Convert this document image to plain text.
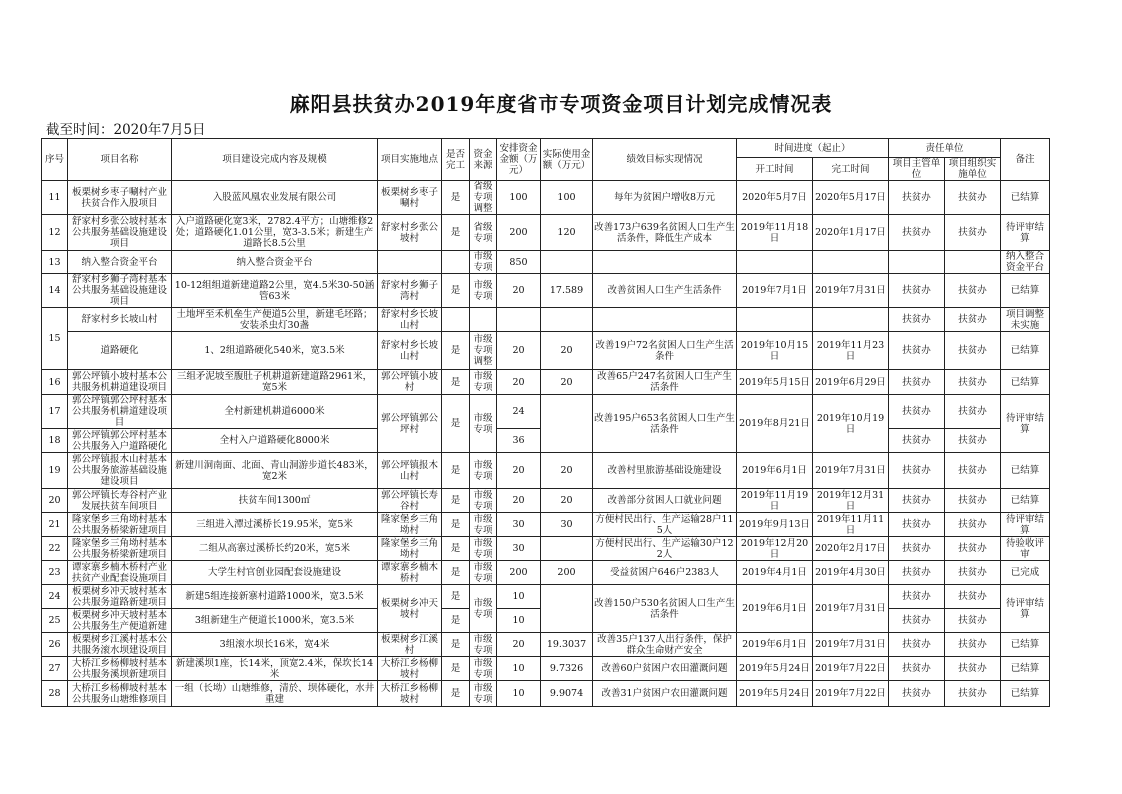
麻阳县扶贫办2019年度省市专项资金项目计划完成情况表
截至时间：2020年7月5日
序号	项目名称	项目建设完成内容及规模	项目实施地点	是否完工	资金来源	安排资金金额（万元）	实际使用金额（万元）	绩效目标实现情况	时间进度（起止）		责任单位		备注
									开工时间	完工时间	项目主管单位	项目组织实施单位	
11	板栗树乡枣子唰村产业扶贫合作入股项目	入股蓝风凰农业发展有限公司	板栗树乡枣子唰村	是	省级专项调整	100	100	每年为贫困户增收8万元	2020年5月7日	2020年5月17日	扶贫办	扶贫办	已结算
12	舒家村乡张公坡村基本公共服务基础设施建设项目	入户道路硬化宽3米，2782.4平方；山塘维修2处；道路硬化1.01公里，宽3-3.5米；新建生产道路长8.5公里	舒家村乡张公坡村	是	省级专项	200	120	改善173户639名贫困人口生产生活条件，降低生产成本	2019年11月18日	2020年1月17日	扶贫办	扶贫办	待评审结算
13	纳入整合资金平台	纳入整合资金平台			市级专项	850							纳入整合资金平台
14	舒家村乡狮子湾村基本公共服务基础设施建设项目	10-12组组道新建道路2公里，宽4.5米30-50涵管63米	舒家村乡狮子湾村	是	市级专项	20	17.589	改善贫困人口生产生活条件	2019年7月1日	2019年7月31日	扶贫办	扶贫办	已结算
15	舒家村乡长坡山村	土地坪至禾机垒生产便道5公里，新建毛坯路；安装杀虫灯30盏	舒家村乡长坡山村								扶贫办	扶贫办	项目调整未实施
	道路硬化	1、2组道路硬化540米，宽3.5米	舒家村乡长坡山村	是	市级专项调整	20	20	改善19户72名贫困人口生产生活条件	2019年10月15日	2019年11月23日	扶贫办	扶贫办	已结算
16	郭公坪镇小坡村基本公共服务机耕道建设项目	三组矛泥坡至腹肚子机耕道新建道路2961米，宽5米	郭公坪镇小坡村	是	市级专项	20	20	改善65户247名贫困人口生产生活条件	2019年5月15日	2019年6月29日	扶贫办	扶贫办	已结算
17	郭公坪镇郭公坪村基本公共服务机耕道建设项目	全村新建机耕道6000米	郭公坪镇郭公坪村	是	市级专项	24		改善195户653名贫困人口生产生活条件	2019年8月21日	2019年10月19日	扶贫办	扶贫办	待评审结算
18	郭公坪镇郭公坪村基本公共服务入户道路硬化	全村入户道路硬化8000米				36					扶贫办	扶贫办	
19	郭公坪镇报木山村基本公共服务旅游基础设施建设项目	新建川洞南面、北面、青山洞游步道长483米，宽2米	郭公坪镇报木山村	是	市级专项	20	20	改善村里旅游基础设施建设	2019年6月1日	2019年7月31日	扶贫办	扶贫办	已结算
20	郭公坪镇长寿谷村产业发展扶贫车间项目	扶贫车间1300㎡	郭公坪镇长寿谷村	是	市级专项	20	20	改善部分贫困人口就业问题	2019年11月19日	2019年12月31日	扶贫办	扶贫办	已结算
21	隆家堡乡三角坳村基本公共服务桥梁新建项目	三组进入潭过溪桥长19.95米，宽5米	隆家堡乡三角坳村	是	市级专项	30	30	方便村民出行、生产运输28户115人	2019年9月13日	2019年11月11日	扶贫办	扶贫办	待评审结算
22	隆家堡乡三角坳村基本公共服务桥梁新建项目	二组从高寨过溪桥长约20米，宽5米	隆家堡乡三角坳村	是	市级专项	30		方便村民出行、生产运输30户122人	2019年12月20日	2020年2月17日	扶贫办	扶贫办	待验收评审
23	谭家寨乡楠木桥村产业扶贫产业配套设施项目	大学生村官创业园配套设施建设	谭家寨乡楠木桥村	是	市级专项	200	200	受益贫困户646户2383人	2019年4月1日	2019年4月30日	扶贫办	扶贫办	已完成
24	板栗树乡冲天坡村基本公共服务道路新建项目	新建5组连接新寨村道路1000米，宽3.5米	板栗树乡冲天坡村	是	市级专项	10		改善150户530名贫困人口生产生活条件	2019年6月1日	2019年7月31日	扶贫办	扶贫办	待评审结算
25	板栗树乡冲天坡村基本公共服务生产便道新建	3组新建生产便道长1000米，宽3.5米		是		10					扶贫办	扶贫办	
26	板栗树乡江溪村基本公共服务滚水坝建设项目	3组滚水坝长16米，宽4米	板栗树乡江溪村	是	市级专项	20	19.3037	改善35户137人出行条件，保护群众生命财产安全	2019年6月1日	2019年7月31日	扶贫办	扶贫办	已结算
27	大桥江乡杨柳坡村基本公共服务溪坝新建项目	新建溪坝1座，长14米，顶宽2.4米，保坎长14米	大桥江乡杨柳坡村	是	市级专项	10	9.7326	改善60户贫困户农田灌溉问题	2019年5月24日	2019年7月22日	扶贫办	扶贫办	已结算
28	大桥江乡杨柳坡村基本公共服务山塘维修项目	一组（长坳）山塘维修，清於、坝体硬化，水井重建	大桥江乡杨柳坡村	是	市级专项	10	9.9074	改善31户贫困户农田灌溉问题	2019年5月24日	2019年7月22日	扶贫办	扶贫办	已结算
